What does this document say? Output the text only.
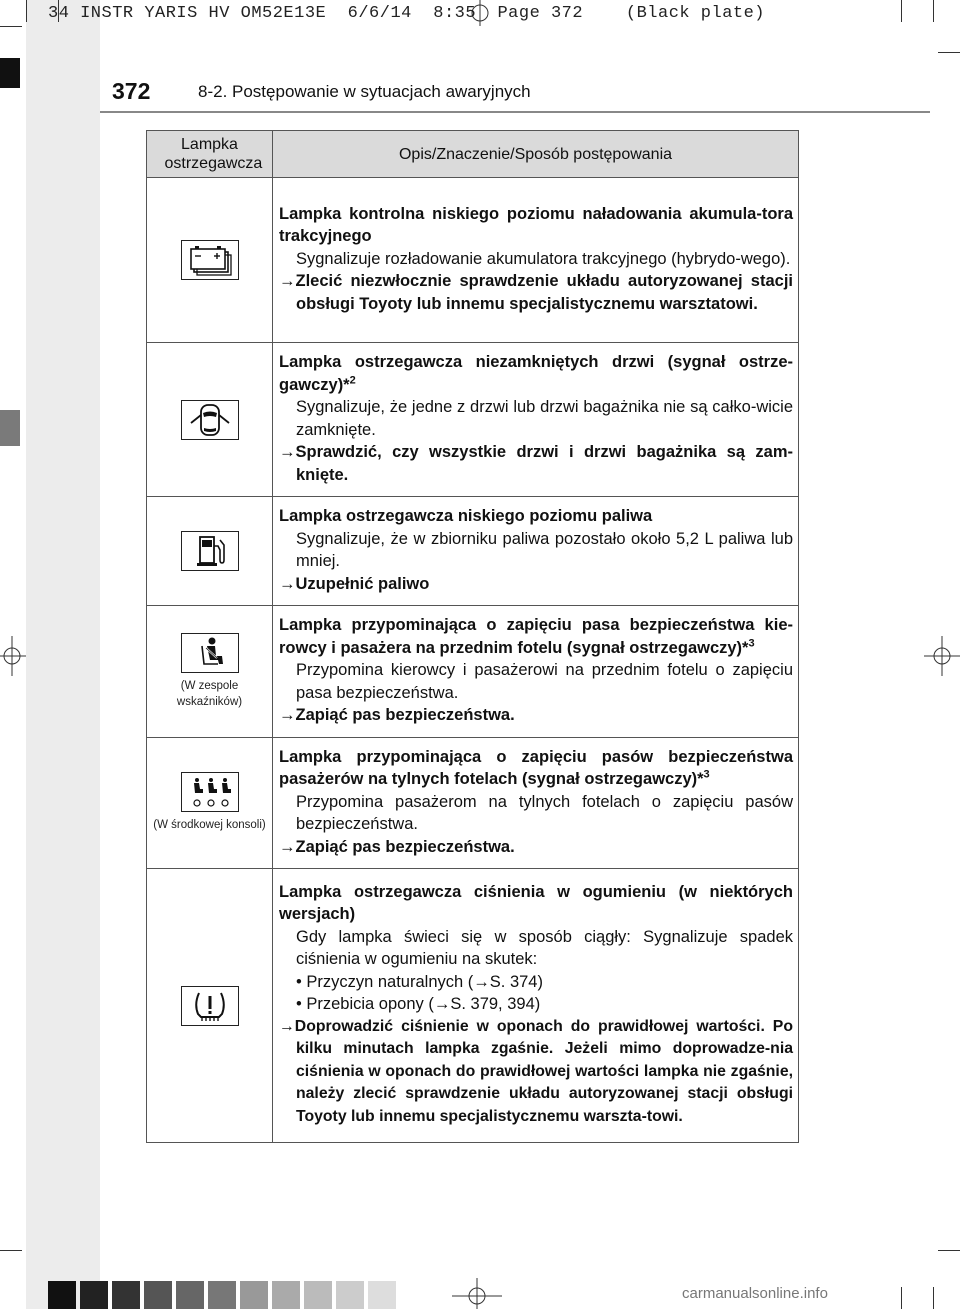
34 INSTR YARIS HV OM52E13E  6/6/14  8:35  Page 372    (Black plate)
372	8-2. Postępowanie w sytuacjach awaryjnych
Lampka ostrzegawcza	Opis/Znaczenie/Sposób postępowania

Lampka kontrolna niskiego poziomu naładowania akumula-tora trakcyjnego
Sygnalizuje rozładowanie akumulatora trakcyjnego (hybrydo-wego).
→Zlecić niezwłocznie sprawdzenie układu autoryzowanej stacji obsługi Toyoty lub innemu specjalistycznemu warsztatowi.

Lampka ostrzegawcza niezamkniętych drzwi (sygnał ostrze-gawczy)*$^2$
Sygnalizuje, że jedne z drzwi lub drzwi bagażnika nie są całko-wicie zamknięte.
→Sprawdzić, czy wszystkie drzwi i drzwi bagażnika są zam-knięte.

Lampka ostrzegawcza niskiego poziomu paliwa
Sygnalizuje, że w zbiorniku paliwa pozostało około 5,2 L paliwa lub mniej.
→Uzupełnić paliwo

(W zespole wskaźników)	Lampka przypominająca o zapięciu pasa bezpieczeństwa kie-rowcy i pasażera na przednim fotelu (sygnał ostrzegawczy)*$^3$
Przypomina kierowcy i pasażerowi na przednim fotelu o zapięciu pasa bezpieczeństwa.
→Zapiąć pas bezpieczeństwa.

(W środkowej konsoli)	Lampka przypominająca o zapięciu pasów bezpieczeństwa pasażerów na tylnych fotelach (sygnał ostrzegawczy)*$^3$
Przypomina pasażerom na tylnych fotelach o zapięciu pasów bezpieczeństwa.
→Zapiąć pas bezpieczeństwa.

Lampka ostrzegawcza ciśnienia w ogumieniu (w niektórych wersjach)
Gdy lampka świeci się w sposób ciągły: Sygnalizuje spadek ciśnienia w ogumieniu na skutek:
• Przyczyn naturalnych (→S. 374)
• Przebicia opony (→S. 379, 394)
→Doprowadzić ciśnienie w oponach do prawidłowej wartości. Po kilku minutach lampka zgaśnie. Jeżeli mimo doprowadze-nia ciśnienia w oponach do prawidłowej wartości lampka nie zgaśnie, należy zlecić sprawdzenie układu autoryzowanej stacji obsługi Toyoty lub innemu specjalistycznemu warszta-towi.
carmanualsonline.info
